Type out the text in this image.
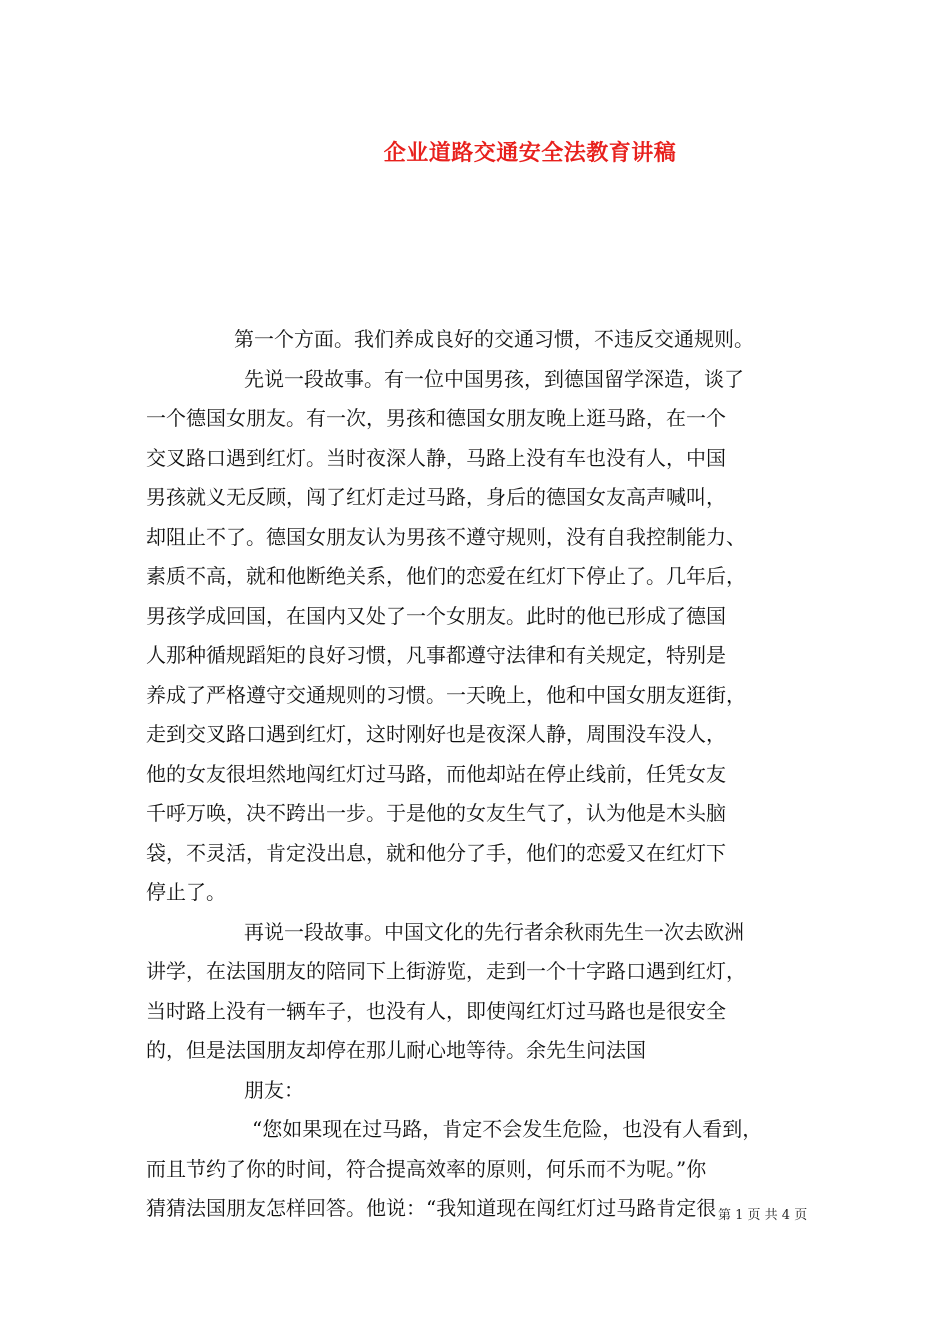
企业道路交通安全法教育讲稿
第一个方面。我们养成良好的交通习惯，不违反交通规则。
先说一段故事。有一位中国男孩，到德国留学深造，谈了
一个德国女朋友。有一次，男孩和德国女朋友晚上逛马路，在一个
交叉路口遇到红灯。当时夜深人静，马路上没有车也没有人，中国
男孩就义无反顾，闯了红灯走过马路，身后的德国女友高声喊叫，
却阻止不了。德国女朋友认为男孩不遵守规则，没有自我控制能力、
素质不高，就和他断绝关系，他们的恋爱在红灯下停止了。几年后，
男孩学成回国，在国内又处了一个女朋友。此时的他已形成了德国
人那种循规蹈矩的良好习惯，凡事都遵守法律和有关规定，特别是
养成了严格遵守交通规则的习惯。一天晚上，他和中国女朋友逛街，
走到交叉路口遇到红灯，这时刚好也是夜深人静，周围没车没人，
他的女友很坦然地闯红灯过马路，而他却站在停止线前，任凭女友
千呼万唤，决不跨出一步。于是他的女友生气了，认为他是木头脑
袋，不灵活，肯定没出息，就和他分了手，他们的恋爱又在红灯下
停止了。
再说一段故事。中国文化的先行者余秋雨先生一次去欧洲
讲学，在法国朋友的陪同下上街游览，走到一个十字路口遇到红灯，
当时路上没有一辆车子，也没有人，即使闯红灯过马路也是很安全
的，但是法国朋友却停在那儿耐心地等待。余先生问法国
朋友：
“您如果现在过马路，肯定不会发生危险，也没有人看到，
而且节约了你的时间，符合提高效率的原则，何乐而不为呢。”你
猜猜法国朋友怎样回答。他说：“我知道现在闯红灯过马路肯定很 第 1 页 共 4 页
